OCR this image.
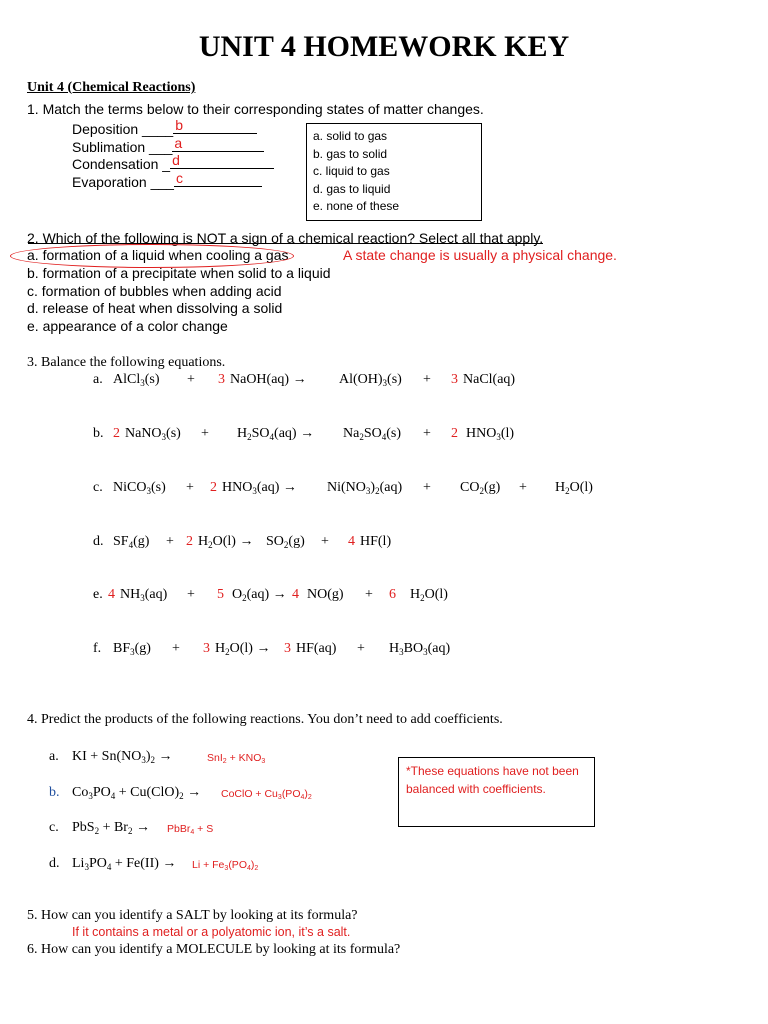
UNIT 4 HOMEWORK KEY
Unit 4 (Chemical Reactions)
1. Match the terms below to their corresponding states of matter changes.
Deposition ____ b
Sublimation ___ a
Condensation _ d
Evaporation ___ c
a. solid to gas
b. gas to solid
c. liquid to gas
d. gas to liquid
e. none of these
2. Which of the following is NOT a sign of a chemical reaction? Select all that apply.
a. formation of a liquid when cooling a gas	A state change is usually a physical change.
b. formation of a precipitate when solid to a liquid
c. formation of bubbles when adding acid
d. release of heat when dissolving a solid
e. appearance of a color change
3. Balance the following equations.
a. AlCl$_3$(s) + 3 NaOH(aq) → $Al(OH)_3(s) + 3$ NaCl(aq)
b. 2 NaNO$_3$(s) + $H_2SO_4(aq) \to Na_2SO_4(s) + 2$ $HNO_3(l)$
c. NiCO$_3$(s) + 2 $HNO_3(aq) \to Ni(NO_3)_2(aq) + CO_2(g) + H_2O(l)$
d. $SF_4(g) + 2$ $H_2O(l) \to SO_2(g) + 4$ HF(l)
e. 4 $NH_3(aq) + 5$ $O_2(aq) \to 4$ NO(g) + 6 $H_2O(l)$
f. $BF_3(g) + 3$ $H_2O(l) \to 3$ $HF(aq) + H_3BO_3(aq)$
4. Predict the products of the following reactions. You don’t need to add coefficients.
a. KI + $Sn(NO_3)_2$ →	$SnI_2 + KNO_3$
b. $Co_3PO_4 + Cu(ClO)_2$ → CoClO + $Cu_3(PO_4)_2$
c. $PbS_2 + Br_2$ → PbBr$_4$ + S
d. $Li_3PO_4 + Fe(II) \to Li + Fe_3(PO_4)_2$
*These equations have not been balanced with coefficients.
5. How can you identify a SALT by looking at its formula?
If it contains a metal or a polyatomic ion, it’s a salt.
6. How can you identify a MOLECULE by looking at its formula?
